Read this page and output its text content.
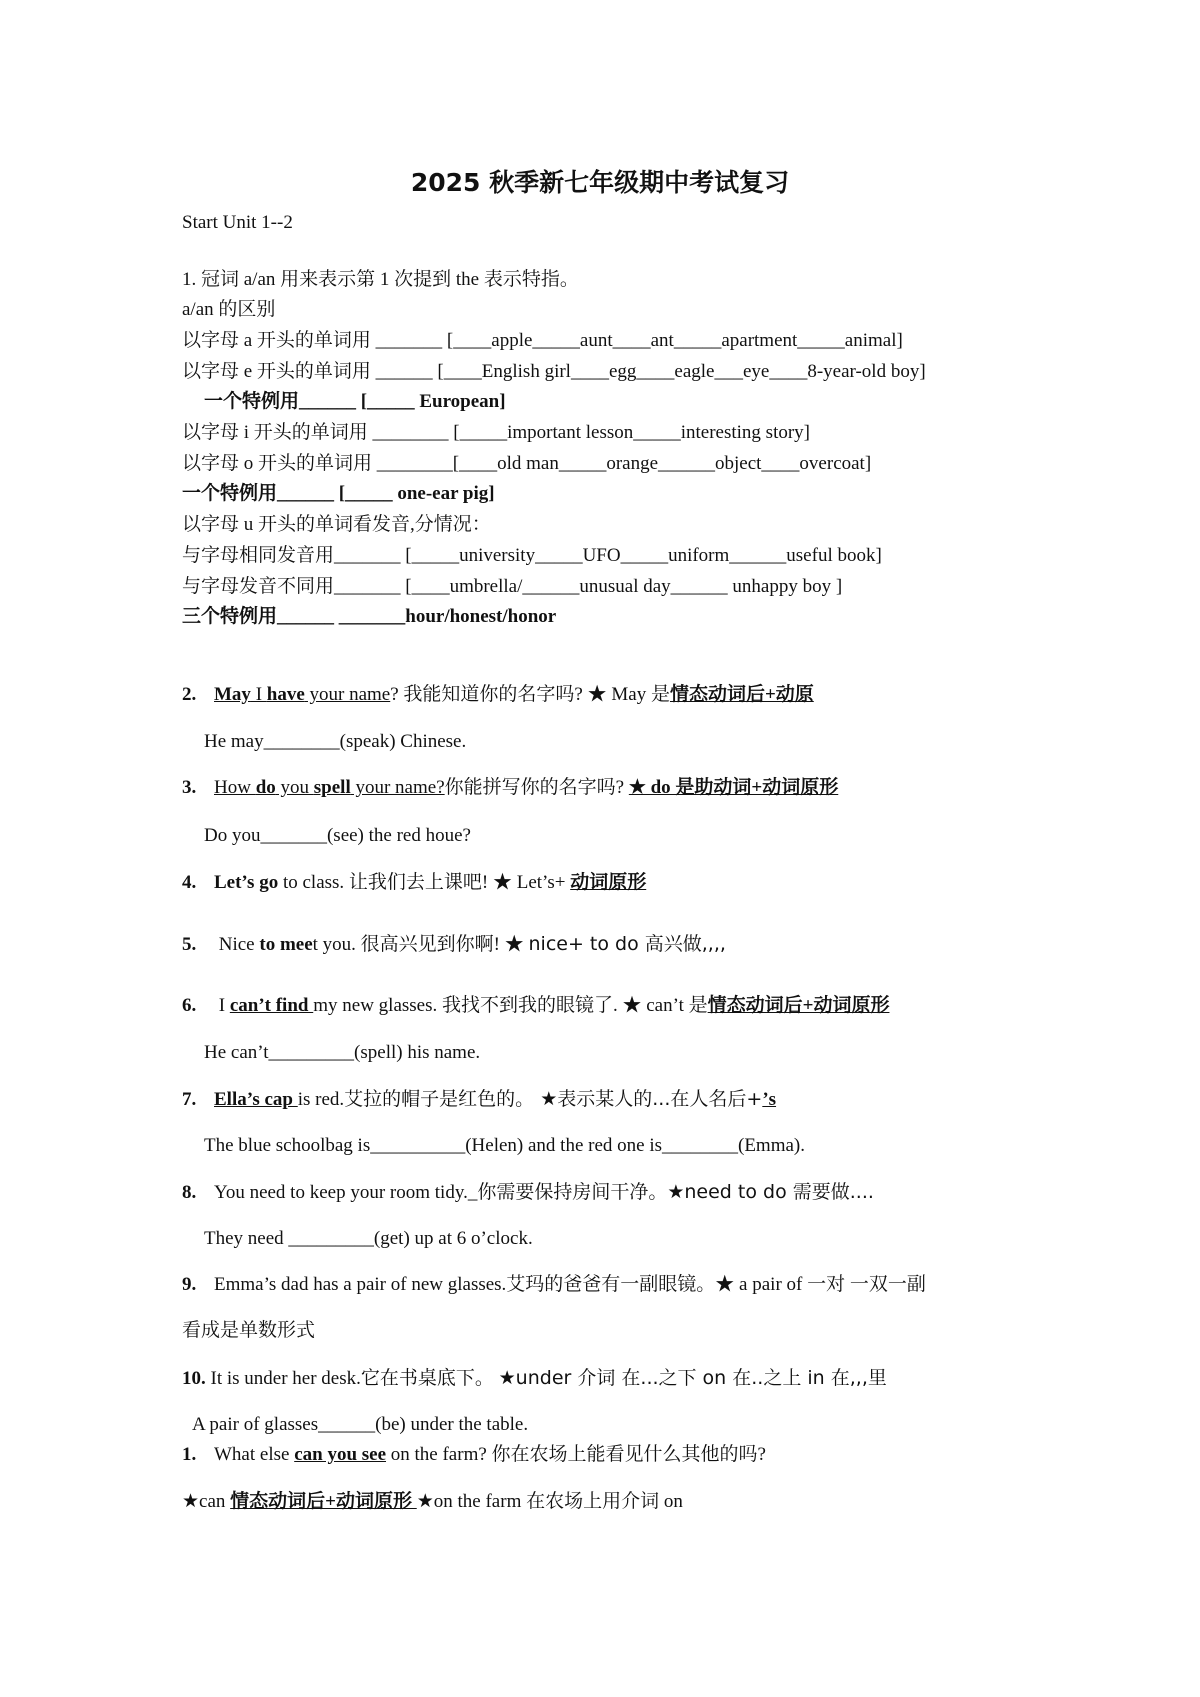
2025 秋季新七年级期中考试复习
Start Unit 1--2
1. 冠词 a/an 用来表示第 1 次提到 the 表示特指。
a/an 的区别
以字母 a 开头的单词用 _______ [____apple_____aunt____ant_____apartment_____animal]
以字母 e 开头的单词用 ______ [____English girl____egg____eagle___eye____8-year-old boy]
一个特例用______ [_____ European]
以字母 i 开头的单词用 ________ [_____important lesson_____interesting story]
以字母 o 开头的单词用 ________[____old man_____orange______object____overcoat]
一个特例用______ [_____ one-ear pig]
以字母 u 开头的单词看发音,分情况：
与字母相同发音用_______ [_____university_____UFO_____uniform______useful book]
与字母发音不同用_______ [____umbrella/______unusual day______ unhappy boy ]
三个特例用______ _______hour/honest/honor
2. May I have your name? 我能知道你的名字吗? ★ May 是情态动词后+动原
He may________(speak) Chinese.
3. How do you spell your name?你能拼写你的名字吗? ★ do 是助动词+动词原形
Do you_______(see) the red houe?
4. Let’s go to class. 让我们去上课吧! ★ Let’s+ 动词原形
5. Nice to meet you. 很高兴见到你啊! ★ nice+ to do 高兴做,,,,
6. I can’t find my new glasses. 我找不到我的眼镜了. ★ can’t 是情态动词后+动词原形
He can’t_________(spell) his name.
7. Ella’s cap is red.艾拉的帽子是红色的。 ★表示某人的...在人名后+’s
The blue schoolbag is__________(Helen) and the red one is________(Emma).
8. You need to keep your room tidy._你需要保持房间干净。★need to do 需要做....
They need _________(get) up at 6 o’clock.
9. Emma’s dad has a pair of new glasses.艾玛的爸爸有一副眼镜。★ a pair of 一对 一双一副
看成是单数形式
10. It is under her desk.它在书桌底下。 ★under 介词 在...之下 on 在..之上 in 在,,,里
A pair of glasses______(be) under the table.
1. What else can you see on the farm? 你在农场上能看见什么其他的吗?
★can 情态动词后+动词原形 ★on the farm 在农场上用介词 on
